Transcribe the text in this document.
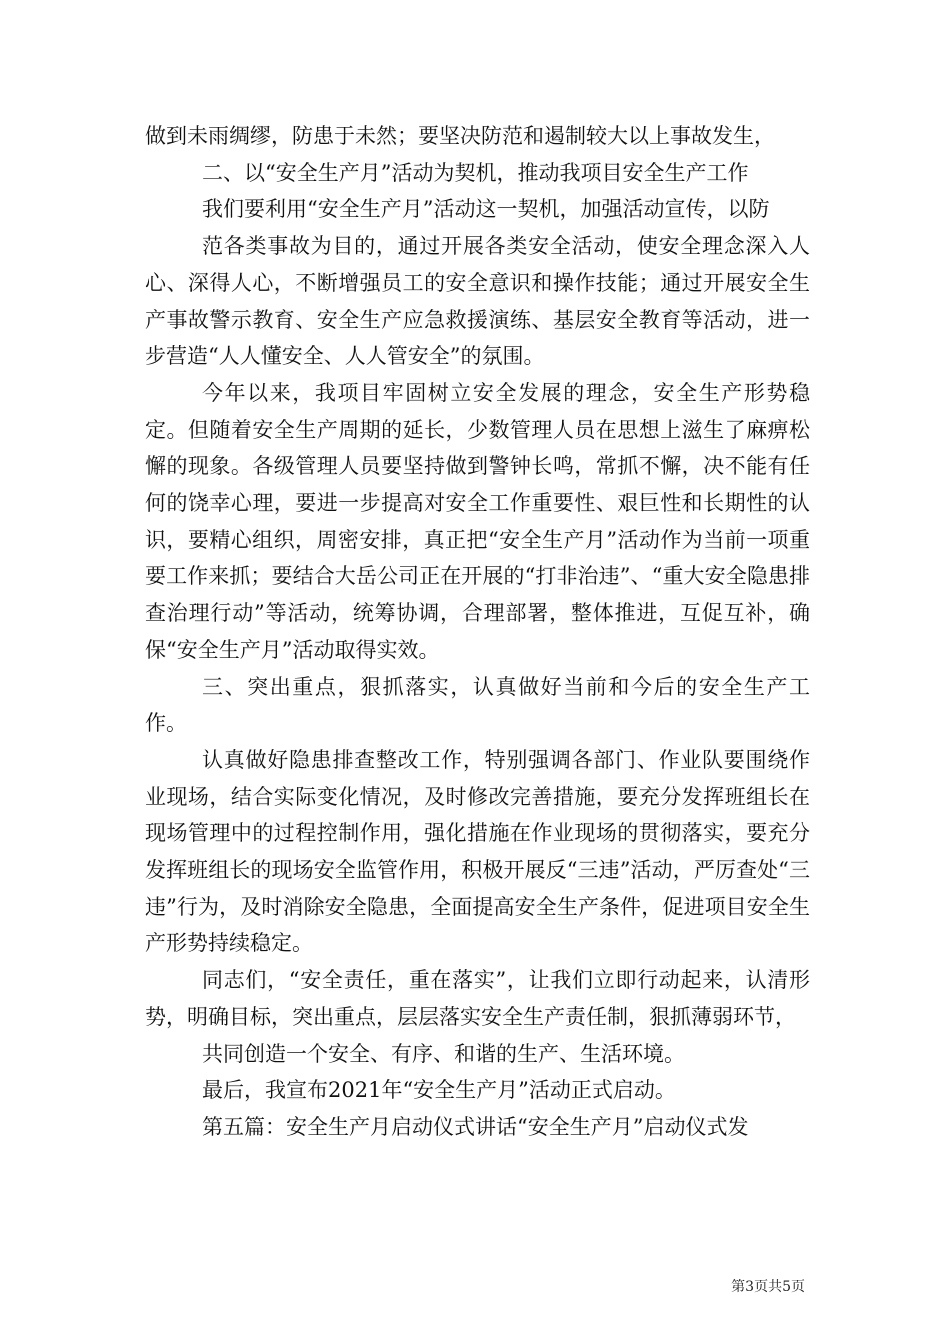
做到未雨绸缪，防患于未然；要坚决防范和遏制较大以上事故发生，

二、以“安全生产月”活动为契机，推动我项目安全生产工作

我们要利用“安全生产月”活动这一契机，加强活动宣传，以防

范各类事故为目的，通过开展各类安全活动，使安全理念深入人心、深得人心，不断增强员工的安全意识和操作技能；通过开展安全生产事故警示教育、安全生产应急救援演练、基层安全教育等活动，进一步营造“人人懂安全、人人管安全”的氛围。

今年以来，我项目牢固树立安全发展的理念，安全生产形势稳定。但随着安全生产周期的延长，少数管理人员在思想上滋生了麻痹松懈的现象。各级管理人员要坚持做到警钟长鸣，常抓不懈，决不能有任何的饶幸心理，要进一步提高对安全工作重要性、艰巨性和长期性的认识，要精心组织，周密安排，真正把“安全生产月”活动作为当前一项重要工作来抓；要结合大岳公司正在开展的“打非治违”、“重大安全隐患排查治理行动”等活动，统筹协调，合理部署，整体推进，互促互补，确保“安全生产月”活动取得实效。

三、突出重点，狠抓落实，认真做好当前和今后的安全生产工作。

认真做好隐患排查整改工作，特别强调各部门、作业队要围绕作业现场，结合实际变化情况，及时修改完善措施，要充分发挥班组长在现场管理中的过程控制作用，强化措施在作业现场的贯彻落实，要充分发挥班组长的现场安全监管作用，积极开展反“三违”活动，严厉查处“三违”行为，及时消除安全隐患，全面提高安全生产条件，促进项目安全生产形势持续稳定。

同志们，“安全责任，重在落实”，让我们立即行动起来，认清形势，明确目标，突出重点，层层落实安全生产责任制，狠抓薄弱环节，

共同创造一个安全、有序、和谐的生产、生活环境。

最后，我宣布2021年“安全生产月”活动正式启动。

第五篇：安全生产月启动仪式讲话“安全生产月”启动仪式发

第3页共5页
